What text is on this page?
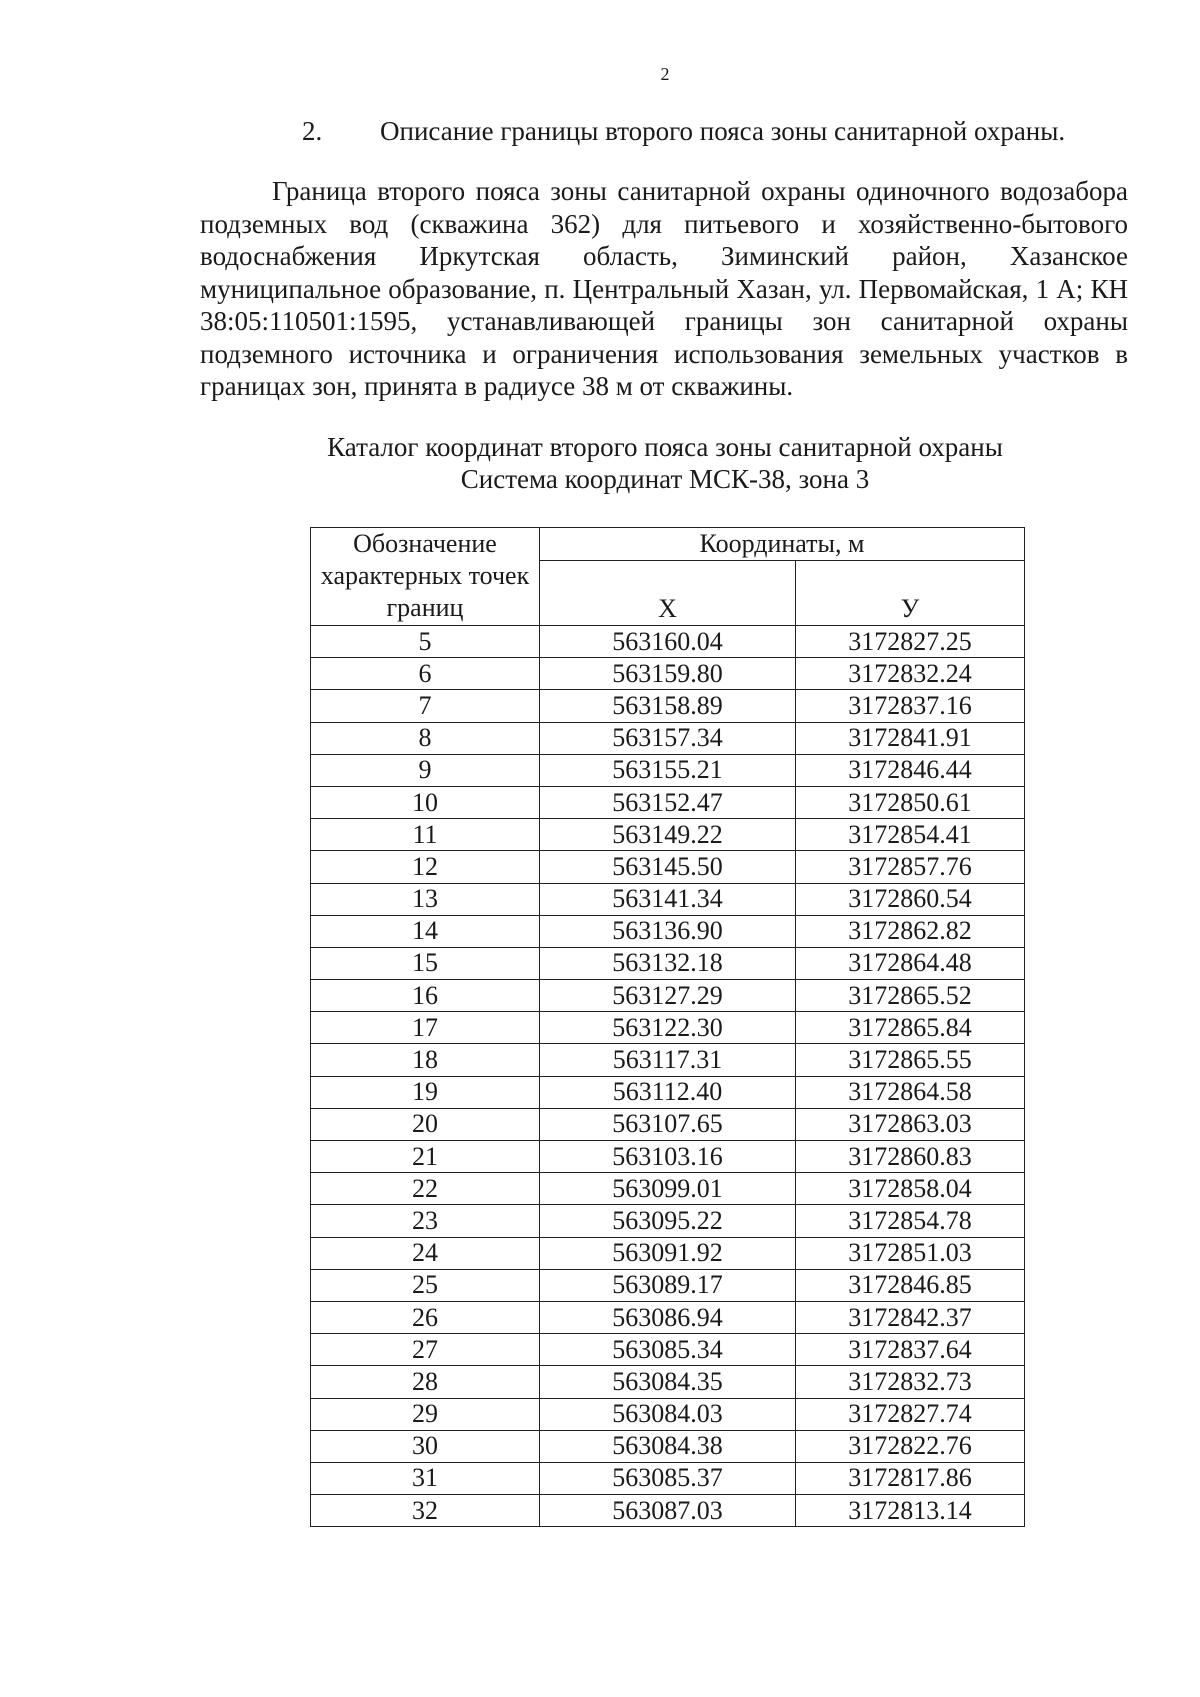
2
2. Описание границы второго пояса зоны санитарной охраны.
Граница второго пояса зоны санитарной охраны одиночного водозабора подземных вод (скважина 362) для питьевого и хозяйственно-бытового водоснабжения Иркутская область, Зиминский район, Хазанское муниципальное образование, п. Центральный Хазан, ул. Первомайская, 1 А; КН 38:05:110501:1595, устанавливающей границы зон санитарной охраны подземного источника и ограничения использования земельных участков в границах зон, принята в радиусе 38 м от скважины.
Каталог координат второго пояса зоны санитарной охраны
Система координат МСК-38, зона 3
Обозначение характерных точек границ	Координаты, м	
	X	У
5	563160.04	3172827.25
6	563159.80	3172832.24
7	563158.89	3172837.16
8	563157.34	3172841.91
9	563155.21	3172846.44
10	563152.47	3172850.61
11	563149.22	3172854.41
12	563145.50	3172857.76
13	563141.34	3172860.54
14	563136.90	3172862.82
15	563132.18	3172864.48
16	563127.29	3172865.52
17	563122.30	3172865.84
18	563117.31	3172865.55
19	563112.40	3172864.58
20	563107.65	3172863.03
21	563103.16	3172860.83
22	563099.01	3172858.04
23	563095.22	3172854.78
24	563091.92	3172851.03
25	563089.17	3172846.85
26	563086.94	3172842.37
27	563085.34	3172837.64
28	563084.35	3172832.73
29	563084.03	3172827.74
30	563084.38	3172822.76
31	563085.37	3172817.86
32	563087.03	3172813.14
